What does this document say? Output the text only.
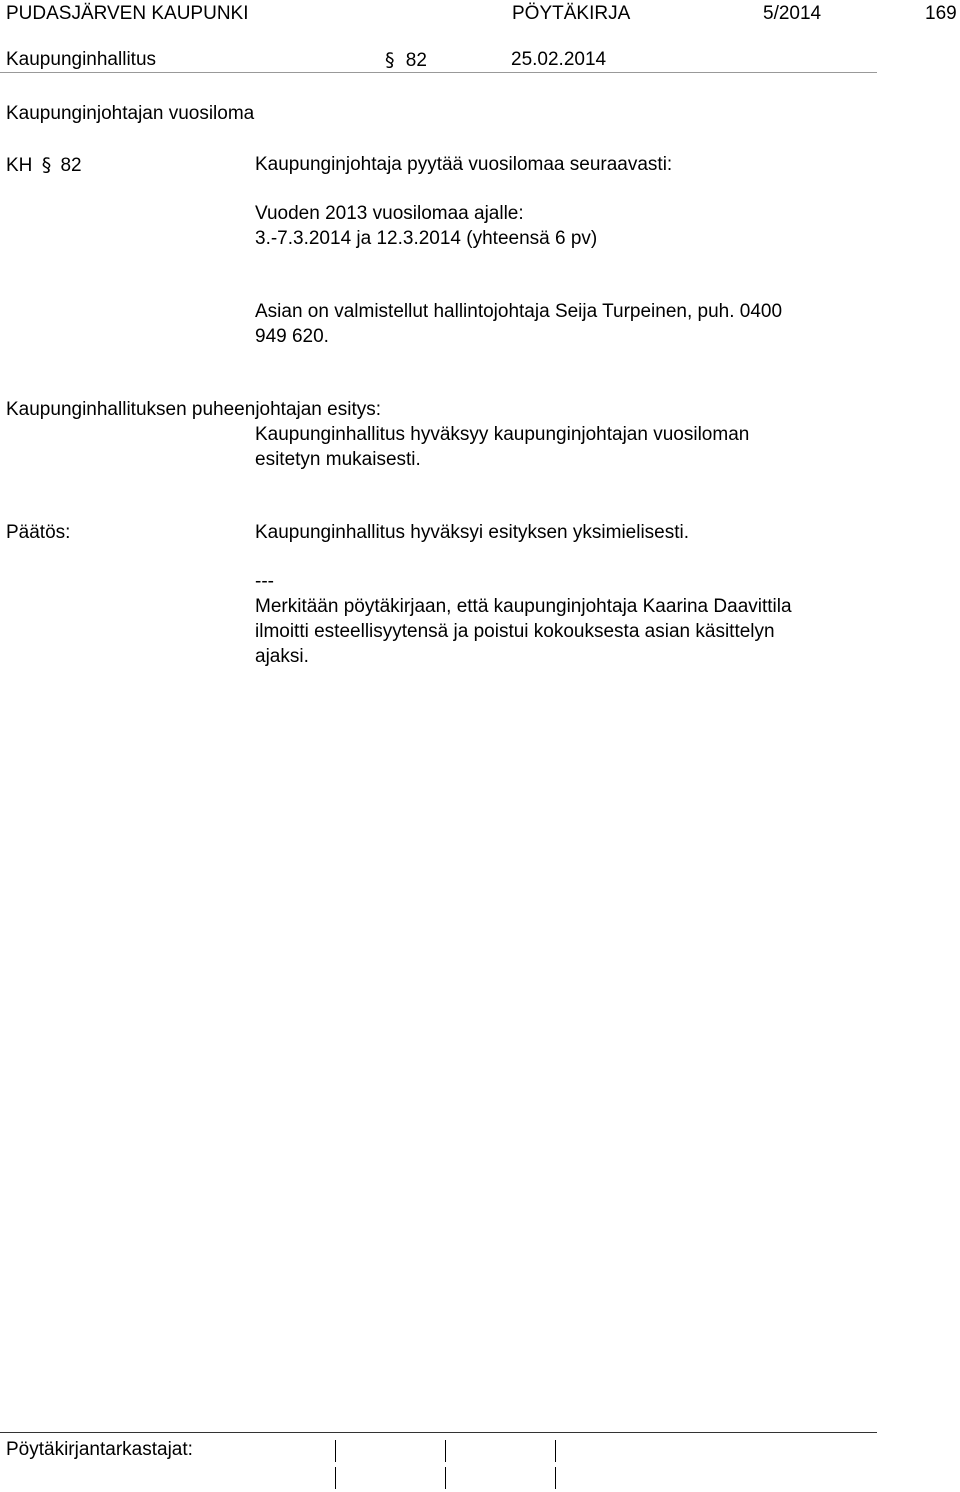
PUDASJÄRVEN KAUPUNKI	PÖYTÄKIRJA	5/2014	169
Kaupunginhallitus	§ 82	25.02.2014
Kaupunginjohtajan vuosiloma
KH § 82	Kaupunginjohtaja pyytää vuosilomaa seuraavasti:
Vuoden 2013 vuosilomaa ajalle:
3.-7.3.2014 ja 12.3.2014 (yhteensä 6 pv)
Asian on valmistellut hallintojohtaja Seija Turpeinen, puh. 0400
949 620.
Kaupunginhallituksen puheenjohtajan esitys:
Kaupunginhallitus hyväksyy kaupunginjohtajan vuosiloman
esitetyn mukaisesti.
Päätös:	Kaupunginhallitus hyväksyi esityksen yksimielisesti.
---
Merkitään pöytäkirjaan, että kaupunginjohtaja Kaarina Daavittila
ilmoitti esteellisyytensä ja poistui kokouksesta asian käsittelyn
ajaksi.
Pöytäkirjantarkastajat:
